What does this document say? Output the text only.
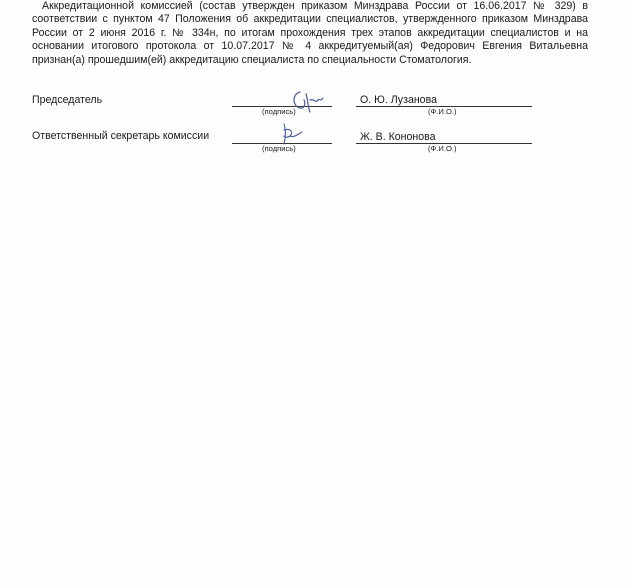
Аккредитационной комиссией (состав утвержден приказом Минздрава России от 16.06.2017 № 329) в
соответствии с пунктом 47 Положения об аккредитации специалистов, утвержденного приказом Минздрава
России от 2 июня 2016 г. № 334н, по итогам прохождения трех этапов аккредитации специалистов и на
основании итогового протокола от 10.07.2017 № 4 аккредитуемый(ая) Федорович Евгения Витальевна
признан(а) прошедшим(ей) аккредитацию специалиста по специальности Стоматология.
Председатель
(подпись)
О. Ю. Лузанова
(Ф.И.О.)
Ответственный секретарь комиссии
(подпись)
Ж. В. Кононова
(Ф.И.О.)
